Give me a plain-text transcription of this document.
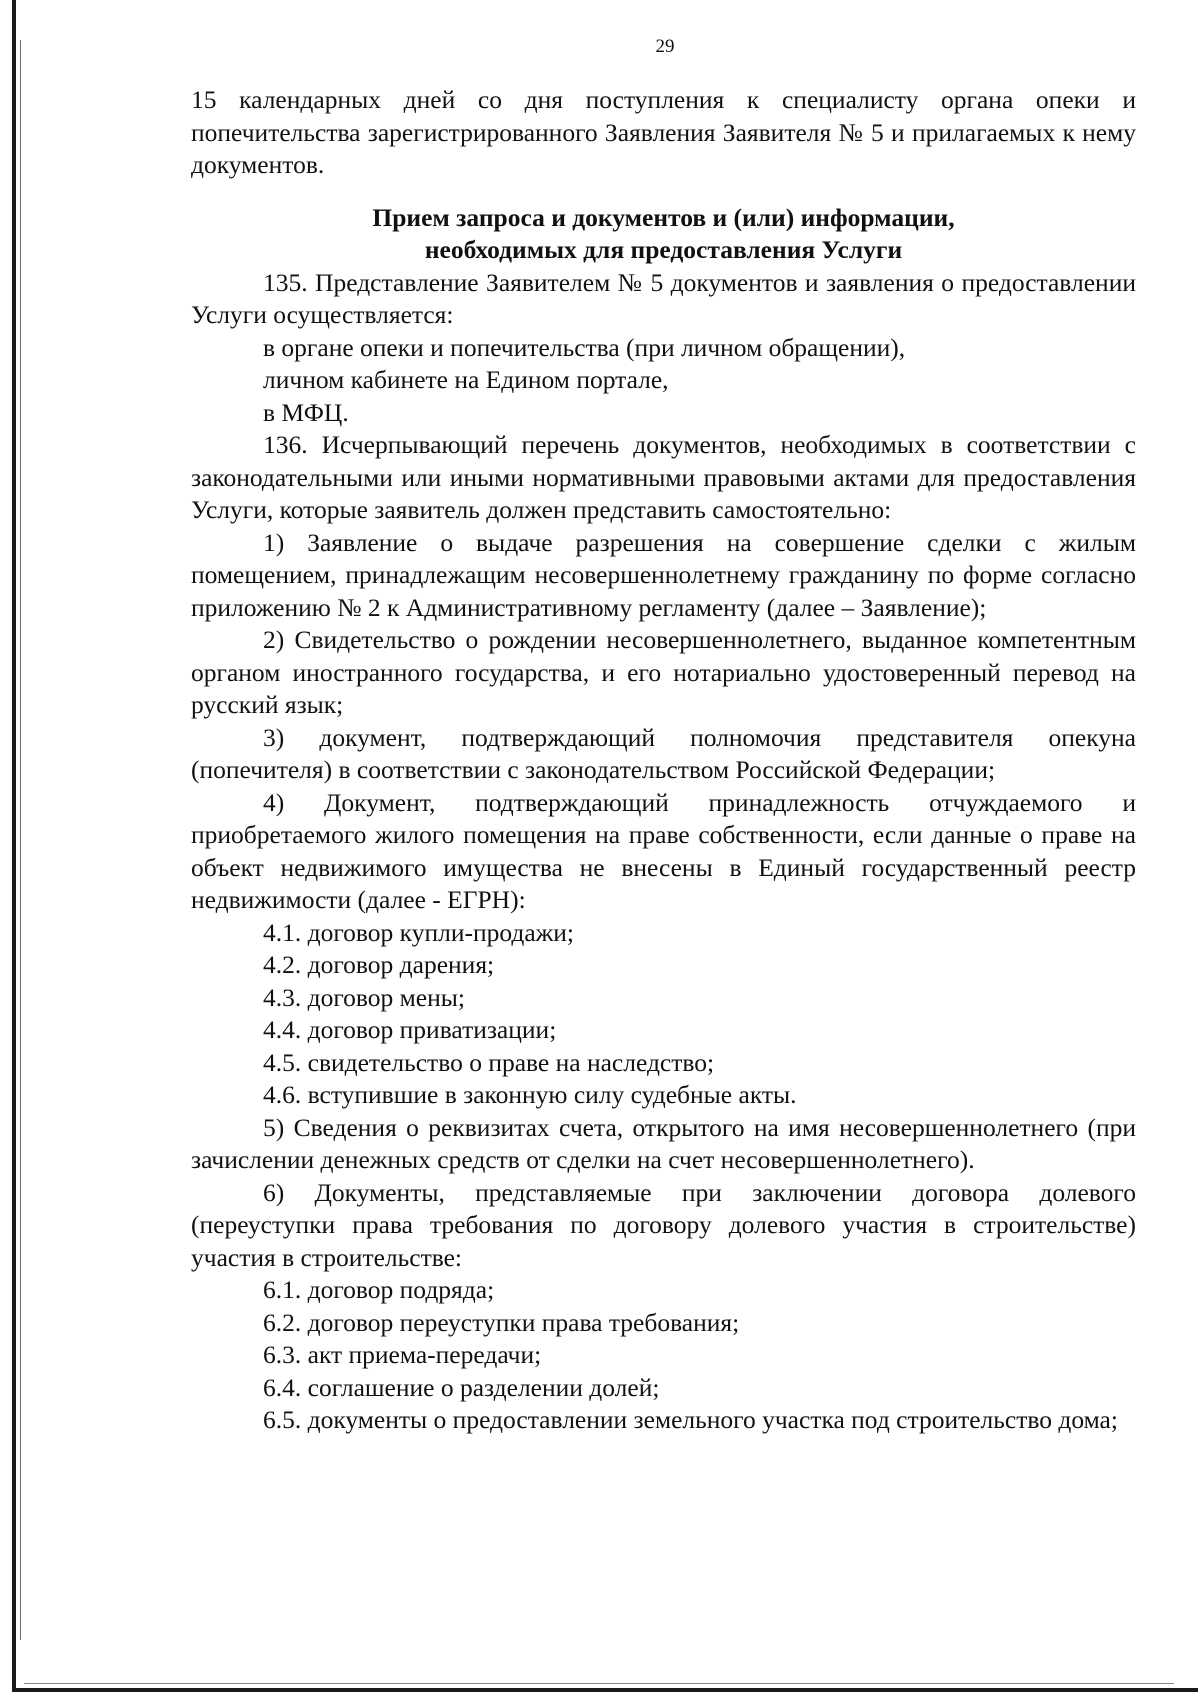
29

15 календарных дней со дня поступления к специалисту органа опеки и попечительства зарегистрированного Заявления Заявителя № 5 и прилагаемых к нему документов.

Прием запроса и документов и (или) информации,
необходимых для предоставления Услуги

135. Представление Заявителем № 5 документов и заявления о предоставлении Услуги осуществляется:

в органе опеки и попечительства (при личном обращении),

личном кабинете на Едином портале,

в МФЦ.

136. Исчерпывающий перечень документов, необходимых в соответствии с законодательными или иными нормативными правовыми актами для предоставления Услуги, которые заявитель должен представить самостоятельно:

1) Заявление о выдаче разрешения на совершение сделки с жилым помещением, принадлежащим несовершеннолетнему гражданину по форме согласно приложению № 2 к Административному регламенту (далее – Заявление);

2) Свидетельство о рождении несовершеннолетнего, выданное компетентным органом иностранного государства, и его нотариально удостоверенный перевод на русский язык;

3) документ, подтверждающий полномочия представителя опекуна (попечителя) в соответствии с законодательством Российской Федерации;

4) Документ, подтверждающий принадлежность отчуждаемого и приобретаемого жилого помещения на праве собственности, если данные о праве на объект недвижимого имущества не внесены в Единый государственный реестр недвижимости (далее - ЕГРН):

4.1. договор купли-продажи;

4.2. договор дарения;

4.3. договор мены;

4.4. договор приватизации;

4.5. свидетельство о праве на наследство;

4.6. вступившие в законную силу судебные акты.

5) Сведения о реквизитах счета, открытого на имя несовершеннолетнего (при зачислении денежных средств от сделки на счет несовершеннолетнего).

6) Документы, представляемые при заключении договора долевого (переуступки права требования по договору долевого участия в строительстве) участия в строительстве:

6.1. договор подряда;

6.2. договор переуступки права требования;

6.3. акт приема-передачи;

6.4. соглашение о разделении долей;

6.5. документы о предоставлении земельного участка под строительство дома;
